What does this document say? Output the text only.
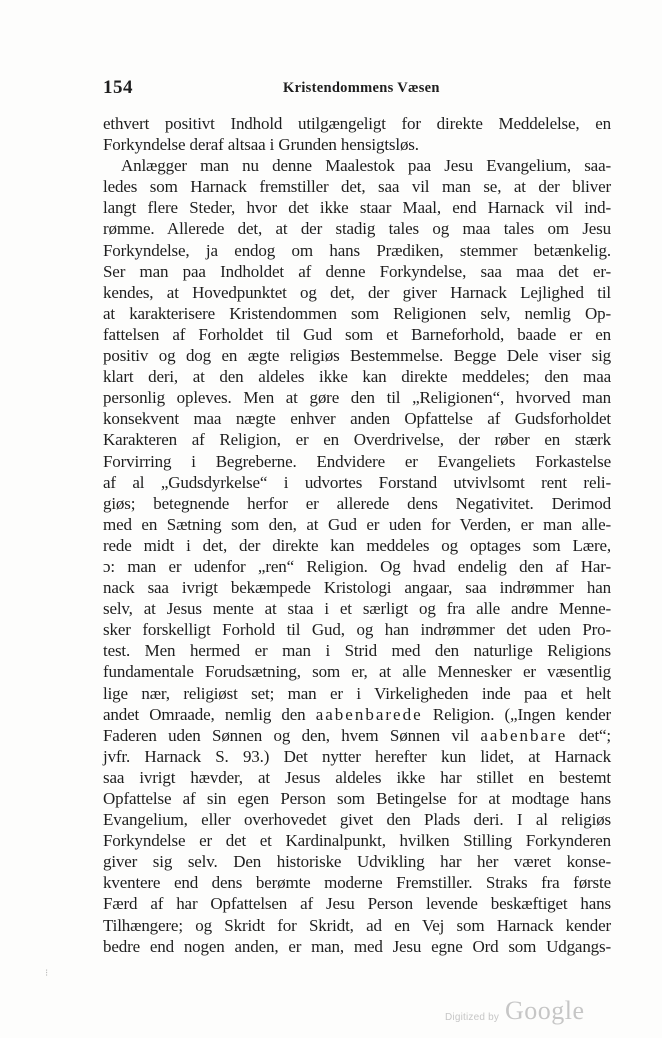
154	Kristendommens Væsen
ethvert positivt Indhold utilgængeligt for direkte Meddelelse, en
Forkyndelse deraf altsaa i Grunden hensigtsløs.
Anlægger man nu denne Maalestok paa Jesu Evangelium, saa-
ledes som Harnack fremstiller det, saa vil man se, at der bliver
langt flere Steder, hvor det ikke staar Maal, end Harnack vil ind-
rømme. Allerede det, at der stadig tales og maa tales om Jesu
Forkyndelse, ja endog om hans Prædiken, stemmer betænkelig.
Ser man paa Indholdet af denne Forkyndelse, saa maa det er-
kendes, at Hovedpunktet og det, der giver Harnack Lejlighed til
at karakterisere Kristendommen som Religionen selv, nemlig Op-
fattelsen af Forholdet til Gud som et Barneforhold, baade er en
positiv og dog en ægte religiøs Bestemmelse. Begge Dele viser sig
klart deri, at den aldeles ikke kan direkte meddeles; den maa
personlig opleves. Men at gøre den til „Religionen“, hvorved man
konsekvent maa nægte enhver anden Opfattelse af Gudsforholdet
Karakteren af Religion, er en Overdrivelse, der røber en stærk
Forvirring i Begreberne. Endvidere er Evangeliets Forkastelse
af al „Gudsdyrkelse“ i udvortes Forstand utvivlsomt rent reli-
giøs; betegnende herfor er allerede dens Negativitet. Derimod
med en Sætning som den, at Gud er uden for Verden, er man alle-
rede midt i det, der direkte kan meddeles og optages som Lære,
ɔ: man er udenfor „ren“ Religion. Og hvad endelig den af Har-
nack saa ivrigt bekæmpede Kristologi angaar, saa indrømmer han
selv, at Jesus mente at staa i et særligt og fra alle andre Menne-
sker forskelligt Forhold til Gud, og han indrømmer det uden Pro-
test. Men hermed er man i Strid med den naturlige Religions
fundamentale Forudsætning, som er, at alle Mennesker er væsentlig
lige nær, religiøst set; man er i Virkeligheden inde paa et helt
andet Omraade, nemlig den aabenbarede Religion. („Ingen kender
Faderen uden Sønnen og den, hvem Sønnen vil aabenbare det“;
jvfr. Harnack S. 93.) Det nytter herefter kun lidet, at Harnack
saa ivrigt hævder, at Jesus aldeles ikke har stillet en bestemt
Opfattelse af sin egen Person som Betingelse for at modtage hans
Evangelium, eller overhovedet givet den Plads deri. I al religiøs
Forkyndelse er det et Kardinalpunkt, hvilken Stilling Forkynderen
giver sig selv. Den historiske Udvikling har her været konse-
kventere end dens berømte moderne Fremstiller. Straks fra første
Færd af har Opfattelsen af Jesu Person levende beskæftiget hans
Tilhængere; og Skridt for Skridt, ad en Vej som Harnack kender
bedre end nogen anden, er man, med Jesu egne Ord som Udgangs-
⁝
Digitized by Google
